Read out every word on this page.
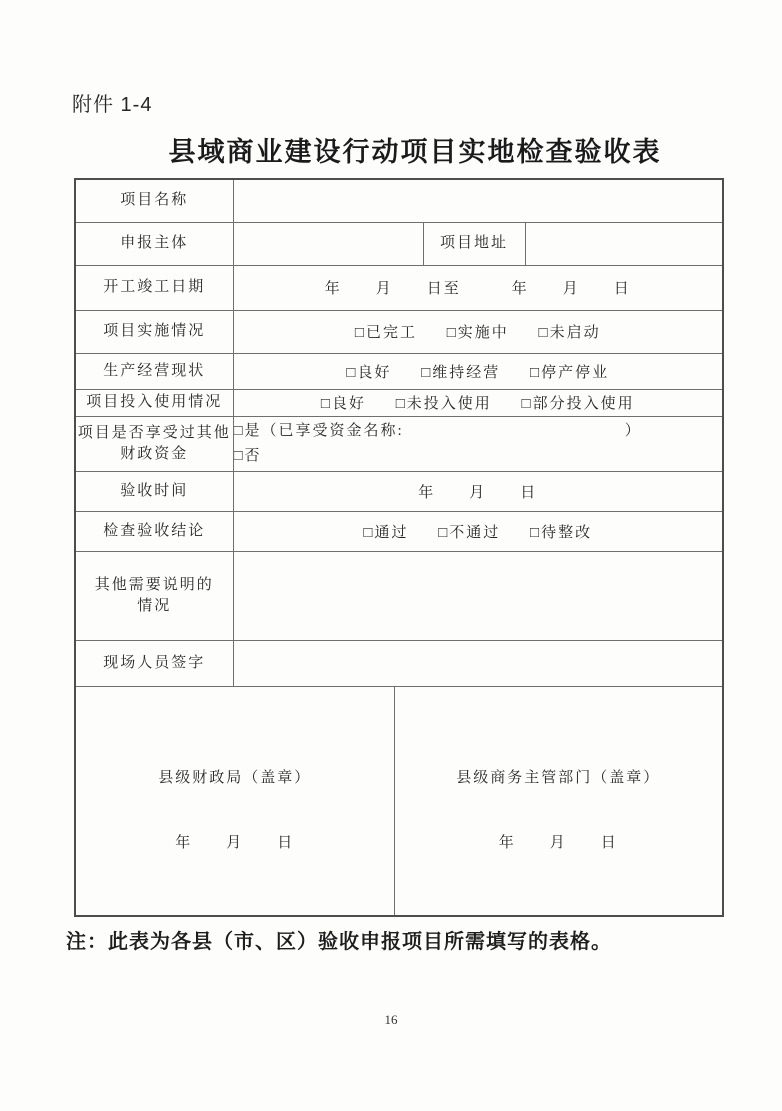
附件 1-4
县域商业建设行动项目实地检查验收表
项目名称				
申报主体			项目地址	
开工竣工日期	年　　月　　日至　　　年　　月　　日			
项目实施情况	□已完工 □实施中 □未启动			
生产经营现状	□良好 □维持经营 □停产停业			
项目投入使用情况	□良好 □未投入使用 □部分投入使用			
项目是否享受过其他财政资金	□是（已享受资金名称:　　　　　　　　　　　　　）
□否			

验收时间	年　　月　　日			
检查验收结论	□通过 □不通过 □待整改			
其他需要说明的情况				
现场人员签字				

县级财政局（盖章）
年　　月　　日

县级商务主管部门（盖章）
年　　月　　日
注：此表为各县（市、区）验收申报项目所需填写的表格。
16
